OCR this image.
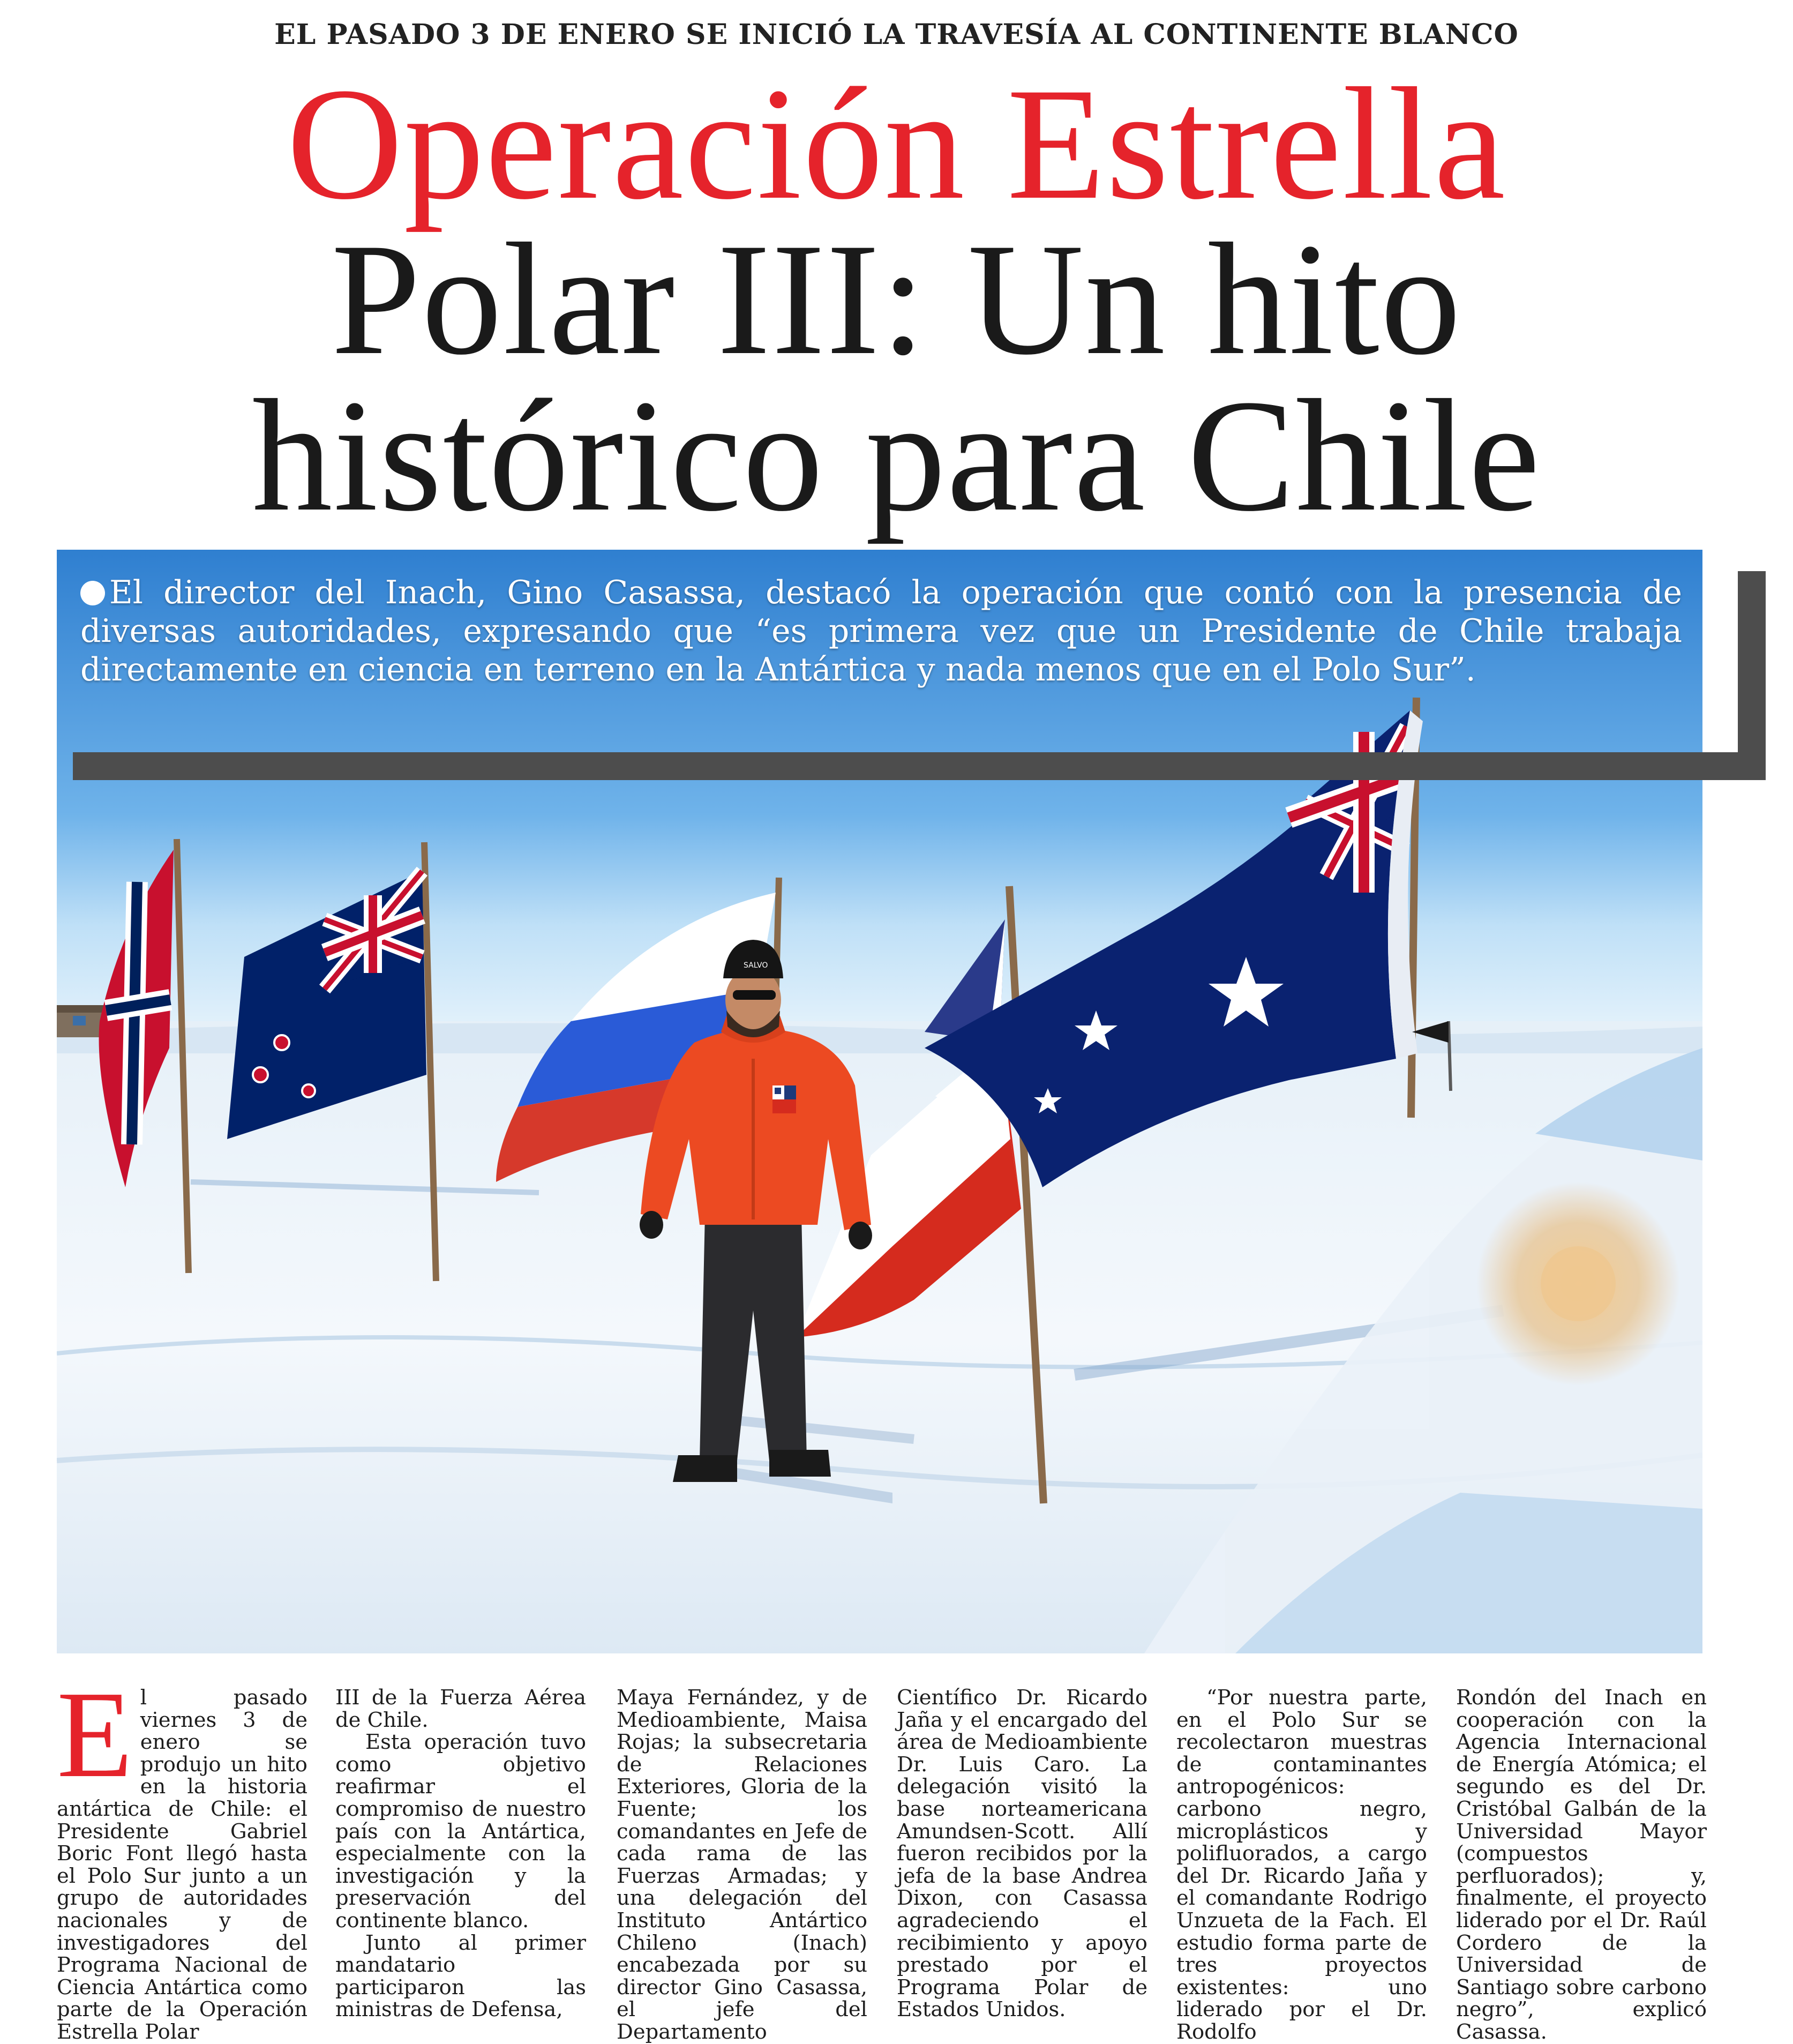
EL PASADO 3 DE ENERO SE INICIÓ LA TRAVESÍA AL CONTINENTE BLANCO
Operación Estrella
Polar III: Un hito
histórico para Chile
SALVO
El director del Inach, Gino Casassa, destacó la operación que contó con la presencia de diversas autoridades, expresando que “es primera vez que un Presidente de Chile trabaja directamente en ciencia en terreno en la Antártica y nada menos que en el Polo Sur”.

El pasado viernes 3 de enero se produjo un hito en la historia antártica de Chile: el Presidente Gabriel Boric Font llegó hasta el Polo Sur junto a un grupo de autoridades nacionales y de investigadores del Programa Nacional de Ciencia Antártica como parte de la Operación Estrella Polar

III de la Fuerza Aérea de Chile.

Esta operación tuvo como objetivo reafirmar el compromiso de nuestro país con la Antártica, especialmente con la investigación y la preservación del continente blanco.

Junto al primer mandatario participaron las ministras de Defensa,

Maya Fernández, y de Medioambiente, Maisa Rojas; la subsecretaria de Relaciones Exteriores, Gloria de la Fuente; los comandantes en Jefe de cada rama de las Fuerzas Armadas; y una delegación del Instituto Antártico Chileno (Inach) encabezada por su director Gino Casassa, el jefe del Departamento

Científico Dr. Ricardo Jaña y el encargado del área de Medioambiente Dr. Luis Caro. La delegación visitó la base norteamericana Amundsen-Scott. Allí fueron recibidos por la jefa de la base Andrea Dixon, con Casassa agradeciendo el recibimiento y apoyo prestado por el Programa Polar de Estados Unidos.

“Por nuestra parte, en el Polo Sur se recolectaron muestras de contaminantes antropogénicos: carbono negro, microplásticos y polifluorados, a cargo del Dr. Ricardo Jaña y el comandante Rodrigo Unzueta de la Fach. El estudio forma parte de tres proyectos existentes: uno liderado por el Dr. Rodolfo

Rondón del Inach en cooperación con la Agencia Internacional de Energía Atómica; el segundo es del Dr. Cristóbal Galbán de la Universidad Mayor (compuestos perfluorados); y, finalmente, el proyecto liderado por el Dr. Raúl Cordero de la Universidad de Santiago sobre carbono negro”, explicó Casassa.
